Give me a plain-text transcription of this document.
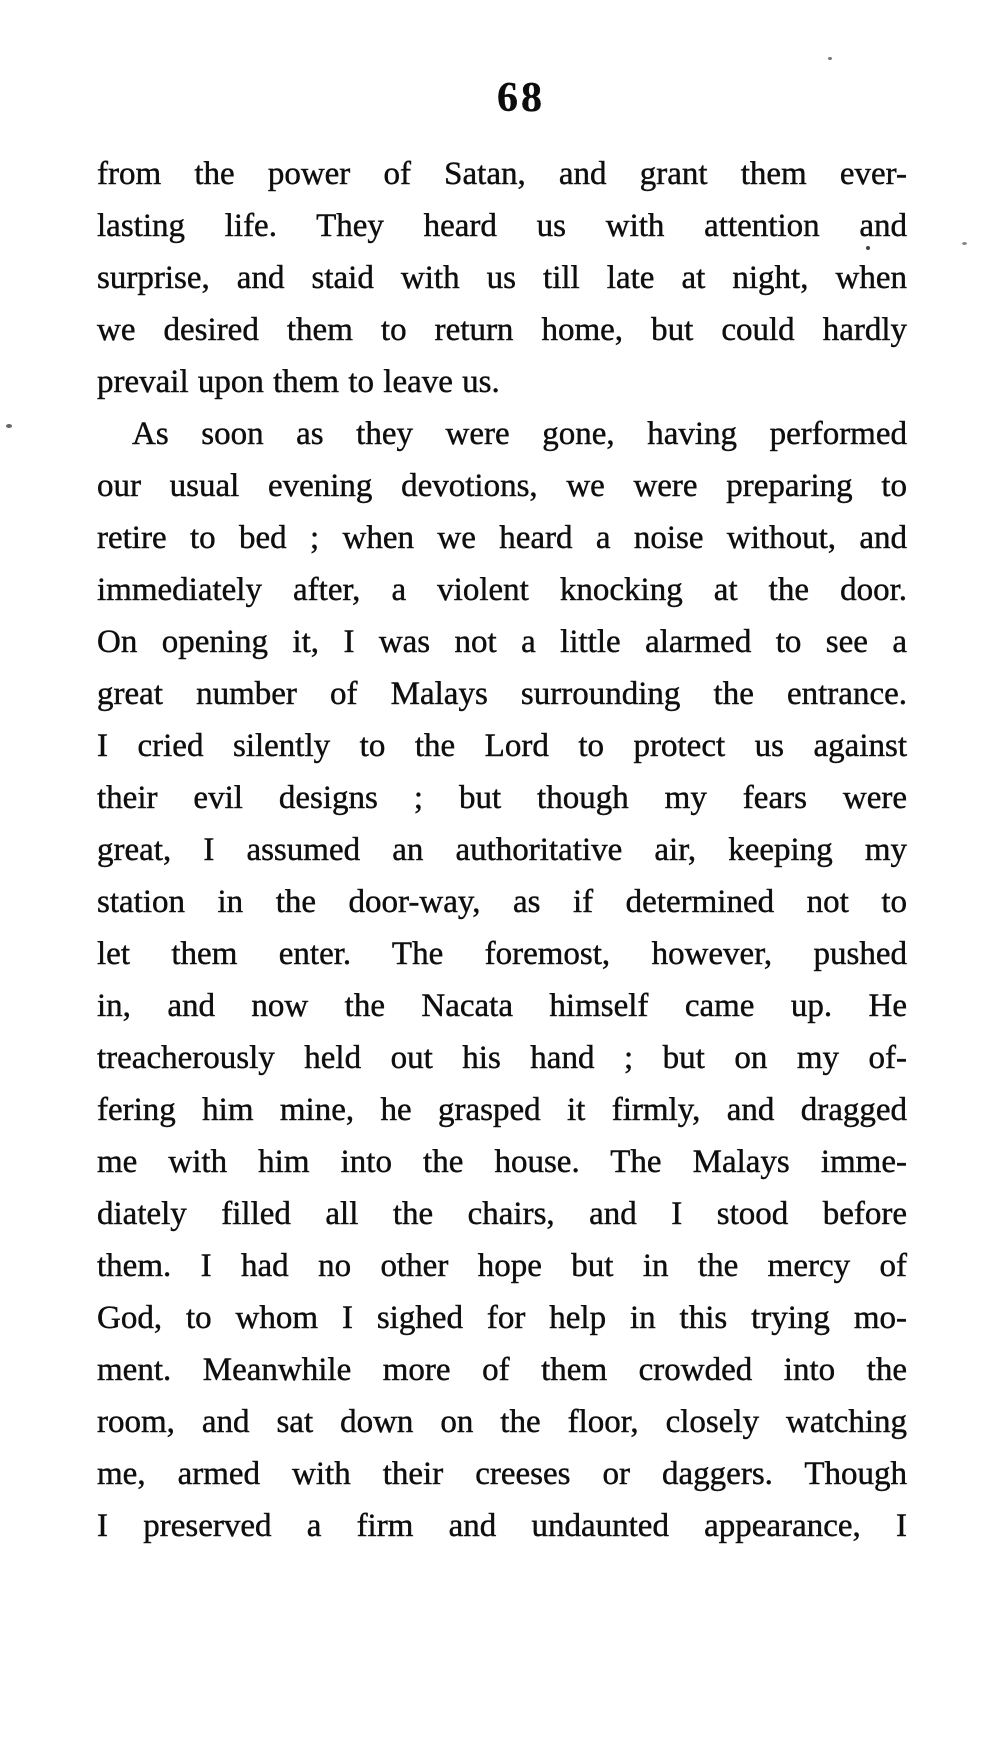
68
from the power of Satan, and grant them ever-
lasting life. They heard us with attention and
surprise, and staid with us till late at night, when
we desired them to return home, but could hardly
prevail upon them to leave us.
As soon as they were gone, having performed
our usual evening devotions, we were preparing to
retire to bed ; when we heard a noise without, and
immediately after, a violent knocking at the door.
On opening it, I was not a little alarmed to see a
great number of Malays surrounding the entrance.
I cried silently to the Lord to protect us against
their evil designs ; but though my fears were
great, I assumed an authoritative air, keeping my
station in the door-way, as if determined not to
let them enter. The foremost, however, pushed
in, and now the Nacata himself came up. He
treacherously held out his hand ; but on my of-
fering him mine, he grasped it firmly, and dragged
me with him into the house. The Malays imme-
diately filled all the chairs, and I stood before
them. I had no other hope but in the mercy of
God, to whom I sighed for help in this trying mo-
ment. Meanwhile more of them crowded into the
room, and sat down on the floor, closely watching
me, armed with their creeses or daggers. Though
I preserved a firm and undaunted appearance, I
